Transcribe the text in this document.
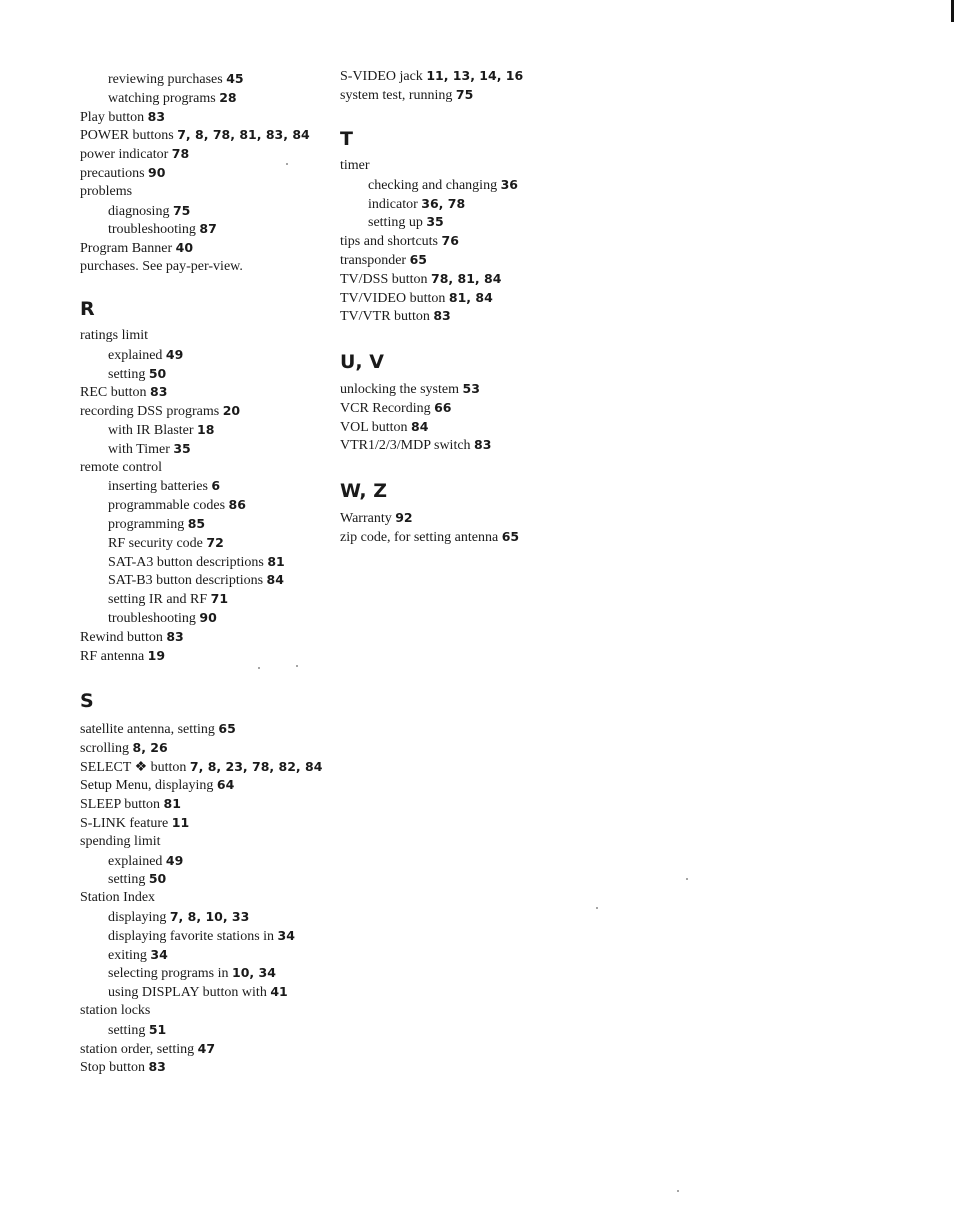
reviewing purchases 45
watching programs 28
Play button 83
POWER buttons 7, 8, 78, 81, 83, 84
power indicator 78
precautions 90
problems
diagnosing 75
troubleshooting 87
Program Banner 40
purchases. See pay-per-view.
R
ratings limit
explained 49
setting 50
REC button 83
recording DSS programs 20
with IR Blaster 18
with Timer 35
remote control
inserting batteries 6
programmable codes 86
programming 85
RF security code 72
SAT-A3 button descriptions 81
SAT-B3 button descriptions 84
setting IR and RF 71
troubleshooting 90
Rewind button 83
RF antenna 19
S
satellite antenna, setting 65
scrolling 8, 26
SELECT ❖ button 7, 8, 23, 78, 82, 84
Setup Menu, displaying 64
SLEEP button 81
S-LINK feature 11
spending limit
explained 49
setting 50
Station Index
displaying 7, 8, 10, 33
displaying favorite stations in 34
exiting 34
selecting programs in 10, 34
using DISPLAY button with 41
station locks
setting 51
station order, setting 47
Stop button 83
S-VIDEO jack 11, 13, 14, 16
system test, running 75
T
timer
checking and changing 36
indicator 36, 78
setting up 35
tips and shortcuts 76
transponder 65
TV/DSS button 78, 81, 84
TV/VIDEO button 81, 84
TV/VTR button 83
U, V
unlocking the system 53
VCR Recording 66
VOL button 84
VTR1/2/3/MDP switch 83
W, Z
Warranty 92
zip code, for setting antenna 65
